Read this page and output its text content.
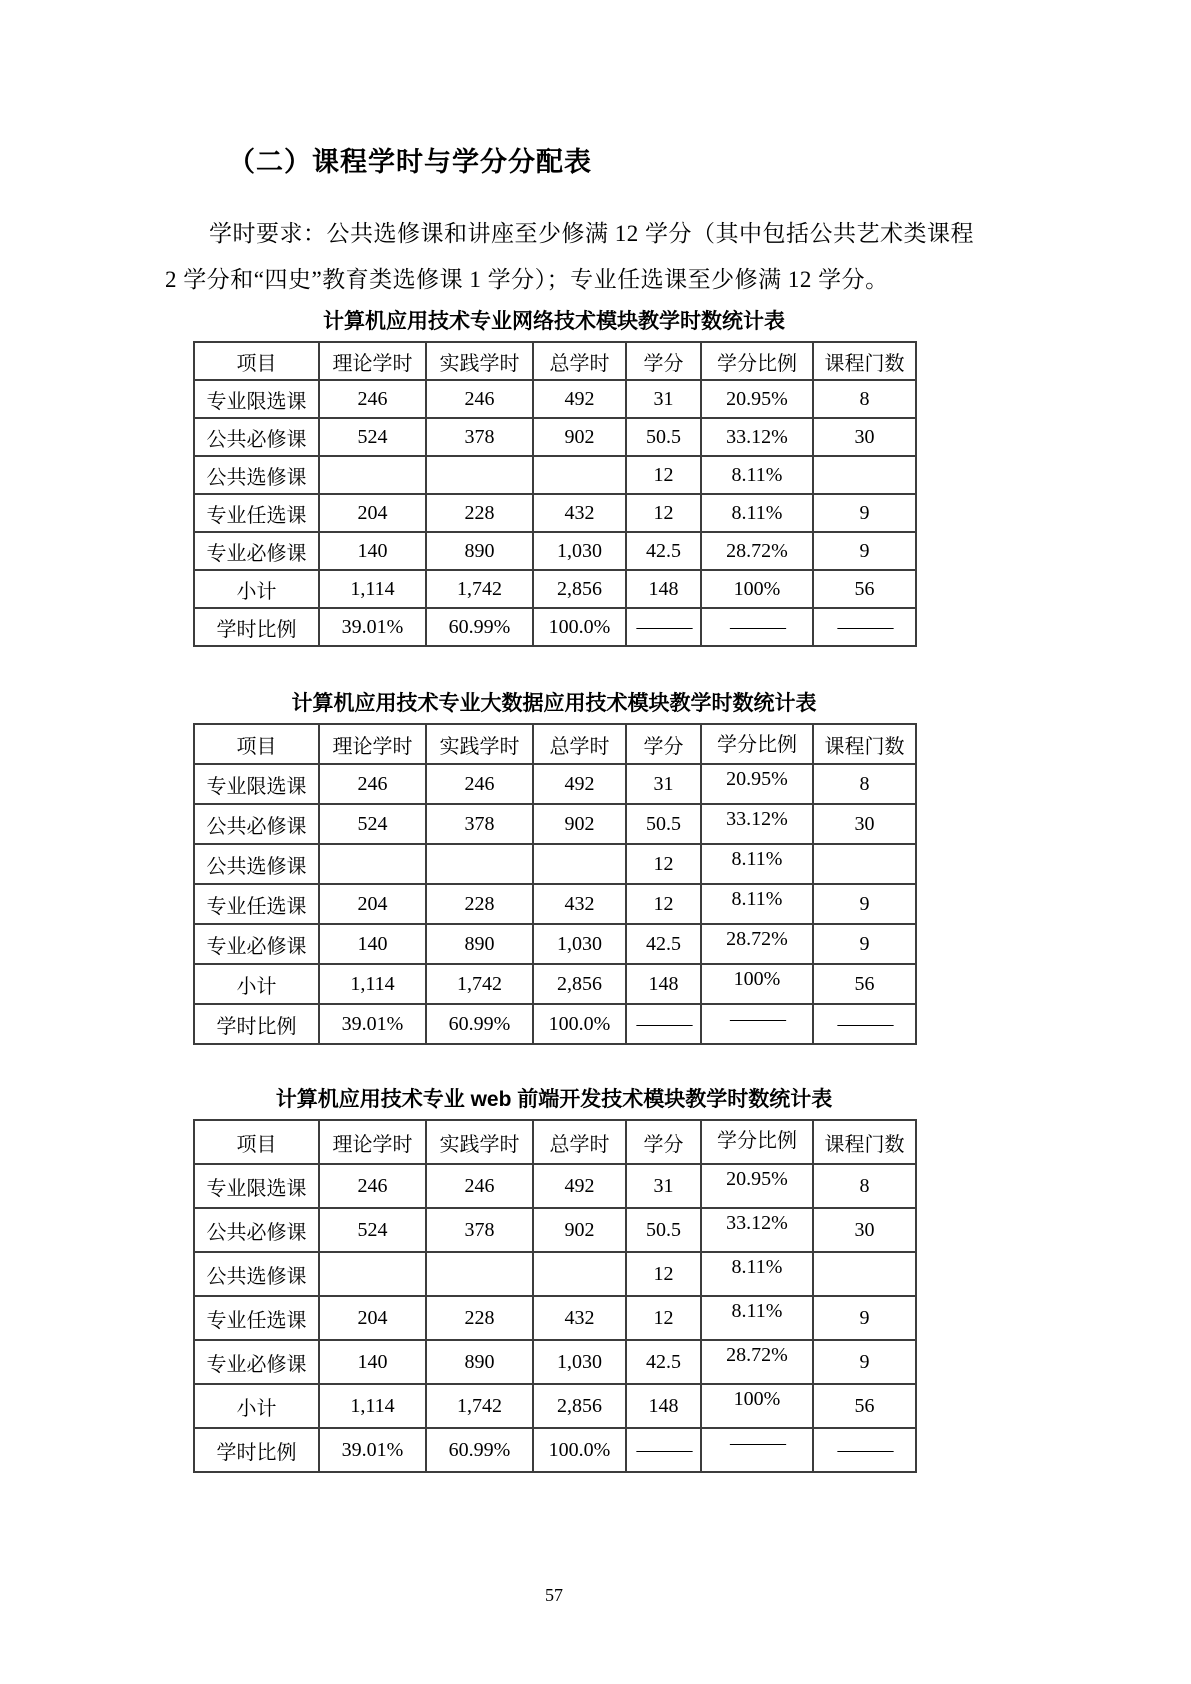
（二）课程学时与学分分配表
学时要求：公共选修课和讲座至少修满 12 学分（其中包括公共艺术类课程
2 学分和“四史”教育类选修课 1 学分）；专业任选课至少修满 12 学分。
计算机应用技术专业网络技术模块教学时数统计表
项目	理论学时	实践学时	总学时	学分	学分比例	课程门数
专业限选课	246	246	492	31	20.95%	8
公共必修课	524	378	902	50.5	33.12%	30
公共选修课				12	8.11%	
专业任选课	204	228	432	12	8.11%	9
专业必修课	140	890	1,030	42.5	28.72%	9
小计	1,114	1,742	2,856	148	100%	56
学时比例	39.01%	60.99%	100.0%	———	———	———
计算机应用技术专业大数据应用技术模块教学时数统计表
项目	理论学时	实践学时	总学时	学分	学分比例	课程门数
专业限选课	246	246	492	31	20.95%	8
公共必修课	524	378	902	50.5	33.12%	30
公共选修课				12	8.11%	
专业任选课	204	228	432	12	8.11%	9
专业必修课	140	890	1,030	42.5	28.72%	9
小计	1,114	1,742	2,856	148	100%	56
学时比例	39.01%	60.99%	100.0%	———	———	———
计算机应用技术专业 web 前端开发技术模块教学时数统计表
项目	理论学时	实践学时	总学时	学分	学分比例	课程门数
专业限选课	246	246	492	31	20.95%	8
公共必修课	524	378	902	50.5	33.12%	30
公共选修课				12	8.11%	
专业任选课	204	228	432	12	8.11%	9
专业必修课	140	890	1,030	42.5	28.72%	9
小计	1,114	1,742	2,856	148	100%	56
学时比例	39.01%	60.99%	100.0%	———	———	———
57
